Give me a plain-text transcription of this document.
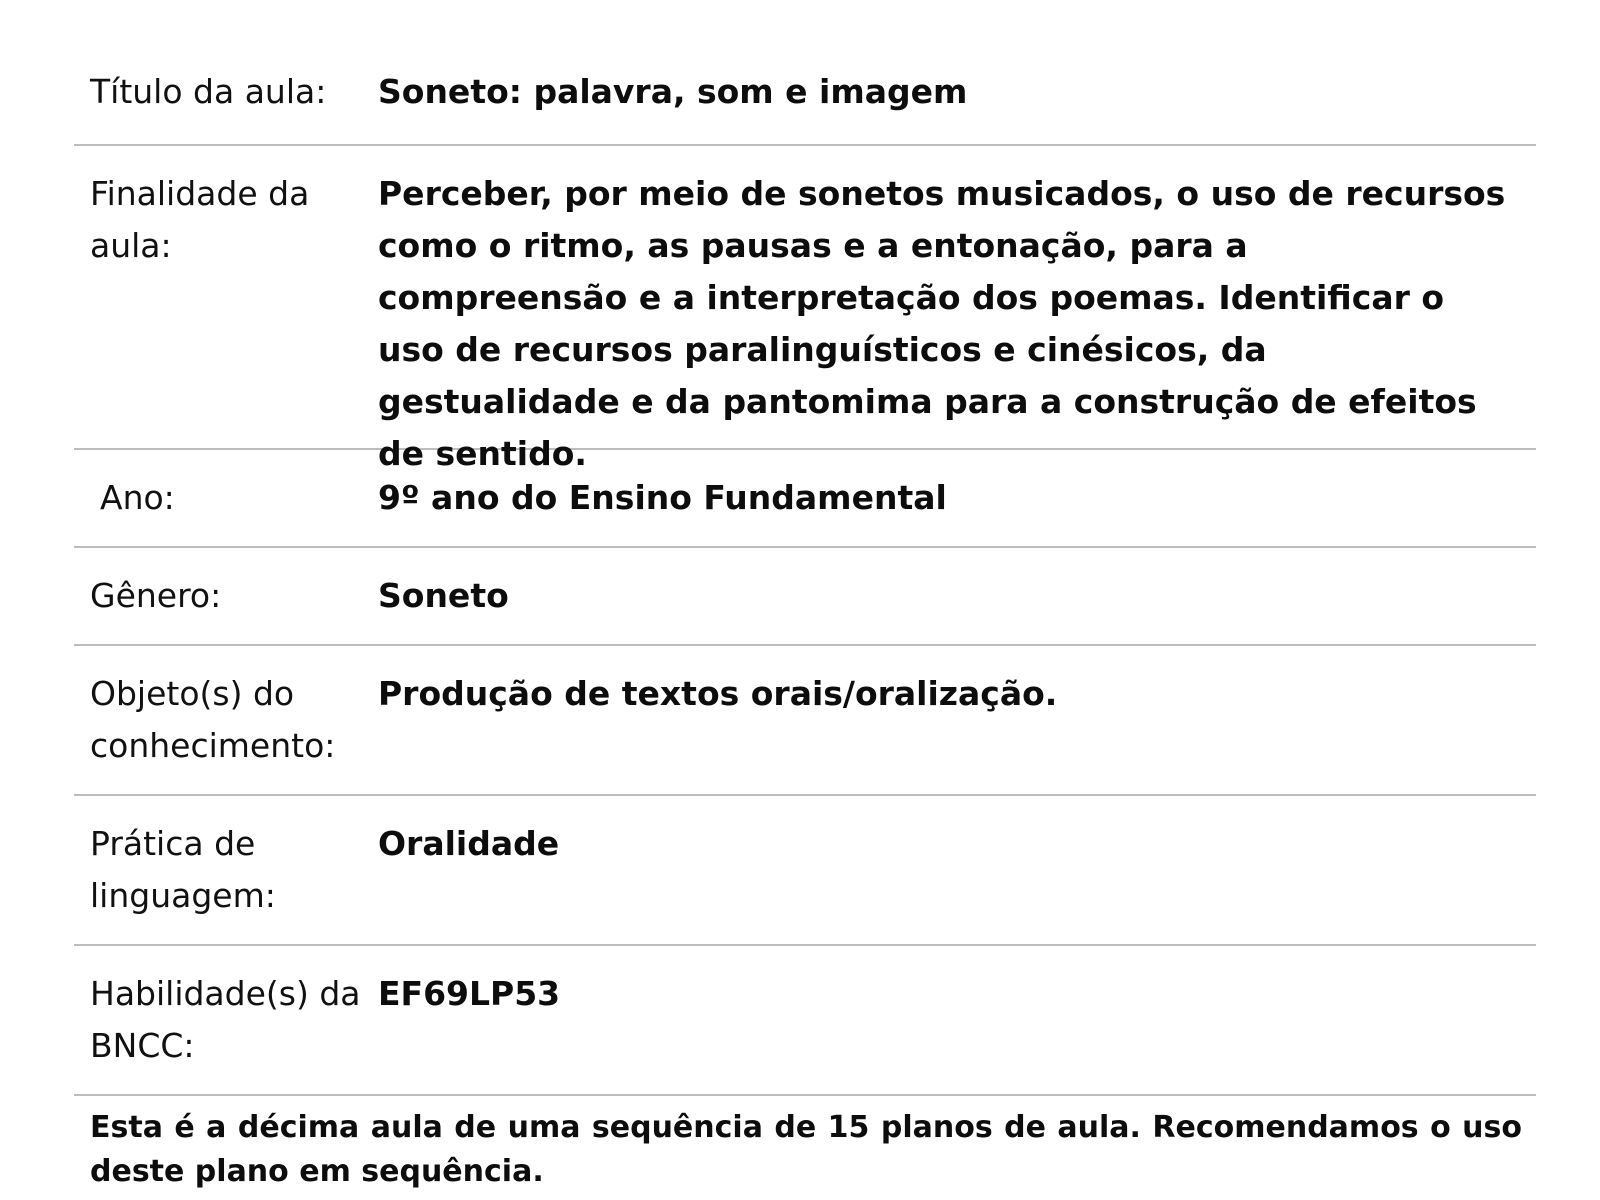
Título da aula:	Soneto: palavra, som e imagem
Finalidade da aula:
Perceber, por meio de sonetos musicados, o uso de recursos como o ritmo, as pausas e a entonação, para a compreensão e a interpretação dos poemas. Identificar o uso de recursos paralinguísticos e cinésicos, da gestualidade e da pantomima para a construção de efeitos de sentido.
Ano:	9º ano do Ensino Fundamental
Gênero:	Soneto
Objeto(s) do conhecimento:
Produção de textos orais/oralização.
Prática de linguagem:
Oralidade
Habilidade(s) da BNCC:
EF69LP53
Esta é a décima aula de uma sequência de 15 planos de aula. Recomendamos o uso deste plano em sequência.
